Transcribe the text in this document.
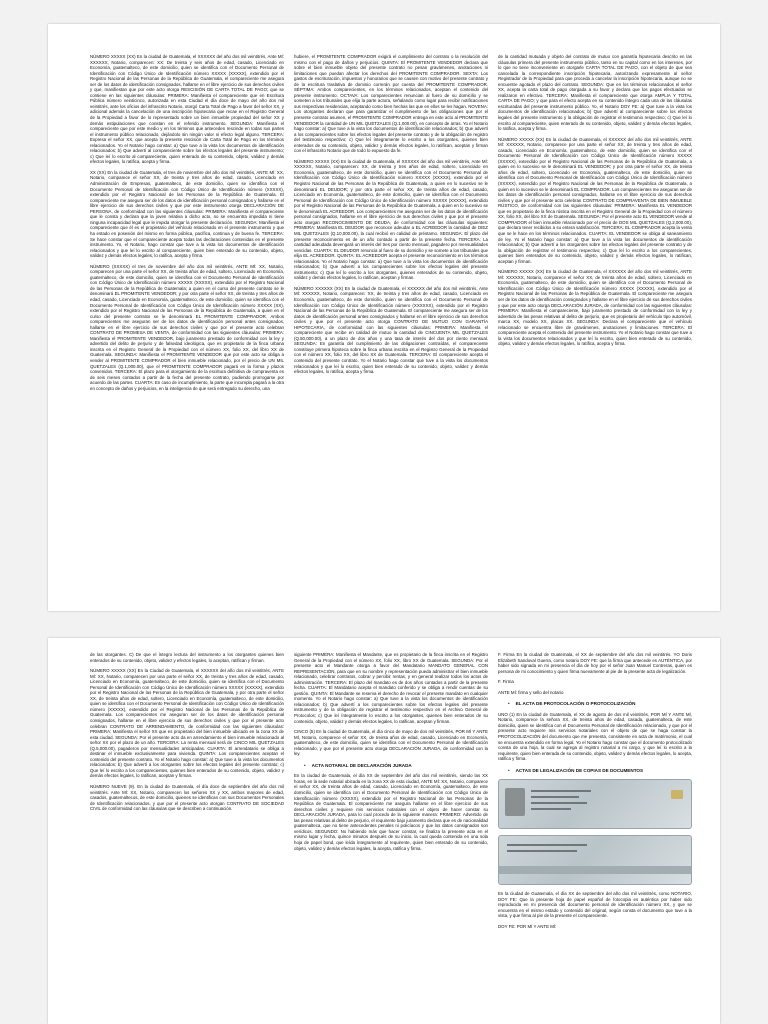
NÚMERO XXXXX (XX) En la ciudad de Guatemala, el XXXXXX del año dos mil veintitrés, Ante MÍ: XXXXXX, Notario, comparecen: XX: De treinta y seis años de edad, casado, Licenciado en Economía, guatemalteco, de este domicilio, quien se identifica con el Documento Personal de Identificación con Código Único de Identificación número XXXXX (XXXXX), extendido por el Registro Nacional de las Personas de la República de Guatemala, el compareciente me asegura ser de los datos de identificación consignados, hallarse en el libre ejercicio de sus derechos civiles y que, manifiestan que por este acto otorga RESCISIÓN DE CARTA TOTAL DE PAGO; que se contiene en las siguientes cláusulas: PRIMERA: Manifiesta el compareciente que en Escritura Pública número veinticinco, autorizada en esta Ciudad el día doce de mayo del año dos mil veintitrés, ante los oficios del infrascrito Notario, otorgó Carta Total de Pago a favor del señor XX, y adicional además la cancelación de una inscripción hipotecaria que recae en el Registro General de la Propiedad a favor de lo representado sobre un bien inmueble propiedad del señor XX y demás estipulaciones que constan en el referido instrumento. SEGUNDA: Manifiesta el compareciente que por este medio y en los términos que anteceden rescinde en todas sus partes el instrumento público relacionado, dejándolo sin ningún valor ni efecto legal alguno. TERCERA: Expresa el señor XX, que acepta la presente rescisión de Carta Total de Pago en los términos relacionados. Yo el Notario hago constar: a) Que tuve a la vista los documentos de identificación relacionados; b) Que advertí al compareciente sobre los efectos legales del presente instrumento; c) Que leí lo escrito al compareciente, quien enterado de su contenido, objeto, validez y demás efectos legales, lo ratifica, acepta y firma.

XX (XX) En la ciudad de Guatemala, el tres de noviembre del año dos mil veintitrés, ANTE MÍ: XX, Notario, comparece el señor XX, de treinta y tres años de edad, casado, Licenciado en Administración de Empresas, guatemalteco, de este domicilio, quien se identifica con el Documento Personal de Identificación con Código Único de Identificación número (XXXXX), extendido por el Registro Nacional de las Personas de la República de Guatemala. El compareciente me asegura ser de los datos de identificación personal consignados y hallarse en el libre ejercicio de sus derechos civiles y que por este instrumento otorga DECLARACIÓN DE PERSONA, de conformidad con las siguientes cláusulas: PRIMERA: Manifiesta el compareciente que le consta y declara que la joven relativa a dicho acto, no se encuentra impedida ni tiene ninguna incapacidad legal que le impida otorgar la presente declaración. SEGUNDA: Manifiesta el compareciente que él es el propietario del vehículo relacionado en el presente instrumento y que ha estado en posesión del mismo en forma pública, pacífica, continua y de buena fe. TERCERA: Se hace constar que el compareciente acepta todas las declaraciones contenidas en el presente instrumento. Yo, el Notario, hago constar que tuve a la vista los documentos de identificación relacionados y que leí lo escrito al compareciente, quien bien enterado de su contenido, objeto, validez y demás efectos legales, lo ratifica, acepta y firma.

NÚMERO (XXXXX) el tres de noviembre del año dos mil veintitrés, ANTE MÍ: XX, Notario, comparecen por una parte el señor XX, de treinta años de edad, soltero, Licenciado en Economía, guatemalteco, de este domicilio, quien se identifica con el Documento Personal de Identificación con Código Único de Identificación número XXXXX (XXXXX), extendido por el Registro Nacional de las Personas de la República de Guatemala; a quien en el curso del presente contrato se le denominará EL PROMITENTE VENDEDOR; y por otra parte el señor XX, de treinta y tres años de edad, casado, Licenciado en Economía, guatemalteco, de este domicilio, quien se identifica con el Documento Personal de Identificación con Código Único de Identificación número XXXXX (XX), extendido por el Registro Nacional de las Personas de la República de Guatemala, a quien en el curso del presente contrato se le denominará EL PROMITENTE COMPRADOR. Ambos comparecientes me aseguran ser de los datos de identificación personal antes consignados, hallarse en el libre ejercicio de sus derechos civiles y que por el presente acto celebran CONTRATO DE PROMESA DE VENTA, de conformidad con las siguientes cláusulas: PRIMERA: Manifiesta el PROMITENTE VENDEDOR, bajo juramento prestado de conformidad con la ley y advertido del delito de perjurio y de falsedad ideológica, que es propietario de la finca urbana inscrita en el Registro General de la Propiedad con el número XX, folio XX, del libro XX de Guatemala. SEGUNDA: Manifiesta el PROMITENTE VENDEDOR que por este acto se obliga a vender al PROMITENTE COMPRADOR el bien inmueble relacionado, por el precio de UN MIL QUETZALES (Q.1,000.00), que el PROMITENTE COMPRADOR pagará en la forma y plazos convenidos. TERCERA: El plazo para el otorgamiento de la escritura definitiva de compraventa es de seis meses contados a partir de la fecha del presente contrato, pudiendo prorrogarse por acuerdo de las partes. CUARTA: En caso de incumplimiento, la parte que incumpla pagará a la otra en concepto de daños y perjuicios, en la inteligencia de que será entregado su derecho, una

hubiere, el PROMITENTE COMPRADOR exigirá el cumplimiento del contrato o la resolución del mismo con el pago de daños y perjuicios. QUINTA: El PROMITENTE VENDEDOR declara que sobre el bien inmueble objeto del presente contrato no pesan gravámenes, anotaciones ni limitaciones que puedan afectar los derechos del PROMITENTE COMPRADOR. SEXTA: Los gastos de escrituración, impuestos y honorarios que se causen con motivo del presente contrato y de la escritura traslativa de dominio correrán por cuenta del PROMITENTE COMPRADOR. SÉPTIMA: Ambos comparecientes, en los términos relacionados, aceptan el contenido del presente instrumento. OCTAVA: Los comparecientes renuncian al fuero de su domicilio y se someten a los tribunales que elija la parte actora, señalando como lugar para recibir notificaciones sus respectivas residencias, aceptando como bien hechas las que en ellos se les hagan. NOVENA: Los otorgantes declaran que para garantizar el cumplimiento de las obligaciones que por el presente contrato asumen, el PROMITENTE COMPRADOR entrega en este acto al PROMITENTE VENDEDOR la cantidad de UN MIL QUETZALES (Q.1,000.00), en concepto de arras. Yo el Notario hago constar: a) Que tuve a la vista los documentos de identificación relacionados; b) Que advertí a los comparecientes sobre los efectos legales del presente contrato y de la obligación de registro del testimonio respectivo; c) Que leí íntegramente lo escrito a los otorgantes, quienes bien enterados de su contenido, objeto, validez y demás efectos legales, lo ratifican, aceptan y firman con el infrascrito Notario que de todo lo expuesto da fe.

NÚMERO XXXXX (XX) En la ciudad de Guatemala, el XXXXXX del año dos mil veintitrés, Ante MÍ: XXXXXX, Notario, comparecen: XX, de treinta y tres años de edad, soltero, Licenciado en Economía, guatemalteco, de este domicilio, quien se identifica con el Documento Personal de Identificación con Código Único de Identificación número XXXXX (XXXXX), extendido por el Registro Nacional de las Personas de la República de Guatemala, a quien en lo sucesivo se le denominará EL DEUDOR; y por otra parte el señor XX, de treinta años de edad, casado, Licenciado en Economía, guatemalteco, de este domicilio, quien se identifica con el Documento Personal de Identificación con Código Único de Identificación número XXXXX (XXXXX), extendido por el Registro Nacional de las Personas de la República de Guatemala, a quien en lo sucesivo se le denominará EL ACREEDOR. Los comparecientes me aseguran ser de los datos de identificación personal consignados, hallarse en el libre ejercicio de sus derechos civiles y que por el presente acto otorgan RECONOCIMIENTO DE DEUDA, de conformidad con las cláusulas siguientes: PRIMERA: Manifiesta EL DEUDOR que reconoce adeudar a EL ACREEDOR la cantidad de DIEZ MIL QUETZALES (Q.10,000.00), la cual recibió en calidad de préstamo. SEGUNDA: El plazo del presente reconocimiento es de un año contado a partir de la presente fecha. TERCERA: La cantidad adeudada devengará un interés del tres por ciento mensual, pagadero por mensualidades vencidas. CUARTA: EL DEUDOR renuncia al fuero de su domicilio y se somete a los tribunales que elija EL ACREEDOR. QUINTA: EL ACREEDOR acepta el presente reconocimiento en los términos relacionados. Yo el Notario hago constar: a) Que tuve a la vista los documentos de identificación relacionados; b) Que advertí a los comparecientes sobre los efectos legales del presente instrumento; c) Que leí lo escrito a los otorgantes, quienes enterados de su contenido, objeto, validez y demás efectos legales, lo ratifican, aceptan y firman.

NÚMERO XXXXXX (XX) En la ciudad de Guatemala, el XXXXXX del año dos mil veintitrés, Ante MÍ: XXXXXX, Notario, comparecen: XX, de treinta y tres años de edad, casado, Licenciado en Economía, guatemalteco, de este domicilio, quien se identifica con el Documento Personal de Identificación con Código Único de Identificación número (XXXXXX), extendido por el Registro Nacional de las Personas de la República de Guatemala. El compareciente me asegura ser de los datos de identificación personal antes consignados y hallarse en el libre ejercicio de sus derechos civiles y que por el presente acto otorga CONTRATO DE MUTUO CON GARANTÍA HIPOTECARIA, de conformidad con las siguientes cláusulas: PRIMERA: Manifiesta el compareciente que recibe en calidad de mutuo la cantidad de CINCUENTA MIL QUETZALES (Q.50,000.00), a un plazo de dos años y una tasa de interés del dos por ciento mensual. SEGUNDA: En garantía del cumplimiento de las obligaciones contraídas, el compareciente constituye primera hipoteca sobre la finca urbana inscrita en el Registro General de la Propiedad con el número XX, folio XX, del libro XX de Guatemala. TERCERA: El compareciente acepta el contenido del presente contrato. Yo el Notario hago constar que tuve a la vista los documentos relacionados y que leí lo escrito, quien bien enterado de su contenido, objeto, validez y demás efectos legales, lo ratifica, acepta y firma.

de la cantidad mutuada y objeto del contrato de mutuo con garantía hipotecaria descrito en las cláusulas primera del presente instrumento público, tanto en su capital como en los intereses, por lo que no tiene inconveniente en otorgarle CARTA TOTAL DE PAGO, con el objeto de que sea cancelada la correspondiente inscripción hipotecaria, autorizando expresamente al señor Registrador de la Propiedad para que proceda a cancelar la inscripción hipotecaria, aunque no se encuentre agotado el plazo del contrato. SEGUNDA: Que en los términos relacionados el señor XX, acepta la carta total de pago otorgada a su favor y declara que los pagos efectuados se realizaron en efectivo. TERCERA: Manifiesta el compareciente que otorga AMPLIA Y TOTAL CARTA DE PAGO; y que para el efecto acepta en su contenido íntegro cada una de las cláusulas escrituradas del presente instrumento público. Yo, el Notario DOY FE: a) Que tuve a la vista los documentos de identificación relacionados; b) Que advertí al compareciente sobre los efectos legales del presente instrumento y la obligación de registrar el testimonio respectivo; c) Que leí lo escrito al compareciente, quien enterado de su contenido, objeto, validez y demás efectos legales, lo ratifica, acepta y firma.

NÚMERO XXXXX (XX) En la ciudad de Guatemala, el XXXXXX del año dos mil veintitrés, ANTE MÍ: XXXXXX, Notario, comparece por una parte el señor XX, de treinta y tres años de edad, casado, Licenciado en Economía, guatemalteco, de este domicilio, quien se identifica con el Documento Personal de Identificación con Código Único de Identificación número XXXXX (XXXXX), extendido por el Registro Nacional de las Personas de la República de Guatemala, a quien en lo sucesivo se le denominará EL VENDEDOR; y por otra parte el señor XX, de treinta años de edad, soltero, Licenciado en Economía, guatemalteco, de este domicilio, quien se identifica con el Documento Personal de Identificación con Código Único de Identificación número (XXXXX), extendido por el Registro Nacional de las Personas de la República de Guatemala, a quien en lo sucesivo se le denominará EL COMPRADOR. Los comparecientes me aseguran ser de los datos de identificación personal consignados, hallarse en el libre ejercicio de sus derechos civiles y que por el presente acto celebran CONTRATO DE COMPRAVENTA DE BIEN INMUEBLE RÚSTICO, de conformidad con las siguientes cláusulas: PRIMERA: Manifiesta EL VENDEDOR que es propietario de la finca rústica inscrita en el Registro General de la Propiedad con el número XX, folio XX, del libro XX de Guatemala. SEGUNDA: Por el presente acto EL VENDEDOR vende al COMPRADOR el bien inmueble relacionado por el precio de DOS MIL QUETZALES (Q.2,000.00), que declara tener recibidos a su entera satisfacción. TERCERA: EL COMPRADOR acepta la venta que se le hace en los términos relacionados. CUARTA: EL VENDEDOR se obliga al saneamiento de ley. Yo el Notario hago constar: a) Que tuve a la vista los documentos de identificación relacionados; b) Que advertí a los otorgantes sobre los efectos legales del presente contrato y de la obligación de registrar el testimonio respectivo; c) Que leí lo escrito a los comparecientes, quienes bien enterados de su contenido, objeto, validez y demás efectos legales, lo ratifican, aceptan y firman.

NÚMERO XXXXX (XX) En la ciudad de Guatemala, el XXXXXX del año dos mil veintitrés, ANTE MÍ: XXXXXX, Notario, comparece el señor XX, de treinta años de edad, soltero, Licenciado en Economía, guatemalteco, de este domicilio, quien se identifica con el Documento Personal de Identificación con Código Único de Identificación número XXXXX (XXXXX), extendido por el Registro Nacional de las Personas de la República de Guatemala. El compareciente me asegura ser de los datos de identificación consignados y hallarse en el libre ejercicio de sus derechos civiles y que por este acto otorga DECLARACIÓN JURADA, de conformidad con las siguientes cláusulas: PRIMERA: Manifiesta el compareciente, bajo juramento prestado de conformidad con la ley y advertido de las penas relativas al delito de perjurio, que es propietario del vehículo tipo automóvil, marca XX, modelo XX, placas XX. SEGUNDA: Declara el compareciente que el vehículo relacionado se encuentra libre de gravámenes, anotaciones y limitaciones. TERCERA: El compareciente acepta el contenido del presente instrumento. Yo el Notario hago constar que tuve a la vista los documentos relacionados y que leí lo escrito, quien bien enterado de su contenido, objeto, validez y demás efectos legales, lo ratifica, acepta y firma.

de las otorgantes. C) De que el íntegro lectura del instrumento a los otorgantes quienes bien enterados de su contenido, objeto, validez y efectos legales, lo aceptan, ratifican y firman.

NÚMERO XXXXX (XX) En la Ciudad de Guatemala, el XXXXXX del año dos mil veintitrés, ANTE MÍ: XX, Notario, comparecen por una parte el señor XX, de treinta y tres años de edad, casado, Licenciado en Economía, guatemalteco, de este domicilio, quien se identifica con el Documento Personal de Identificación con Código Único de Identificación número XXXXX (XXXXX), extendido por el Registro Nacional de las Personas de la República de Guatemala, y por otra parte el señor XX, de treinta años de edad, soltero, Licenciado en Economía, guatemalteco, de este domicilio, quien se identifica con el Documento Personal de Identificación con Código Único de Identificación número (XXXXX), extendido por el Registro Nacional de las Personas de la República de Guatemala. Los comparecientes me aseguran ser de los datos de identificación personal consignados, hallarse en el libre ejercicio de sus derechos civiles y que por el presente acto celebran CONTRATO DE ARRENDAMIENTO, de conformidad con las siguientes cláusulas: PRIMERA: Manifiesta el señor XX que es propietario del bien inmueble ubicado en la zona XX de esta ciudad. SEGUNDA: Por el presente acto da en arrendamiento el bien inmueble relacionado al señor XX por el plazo de un año. TERCERA: La renta mensual será de CINCO MIL QUETZALES (Q.5,000.00), pagaderos por mensualidades anticipadas. CUARTA: El arrendatario se obliga a destinar el inmueble exclusivamente para vivienda. QUINTA: Los comparecientes aceptan el contenido del presente contrato. Yo el Notario hago constar: a) Que tuve a la vista los documentos relacionados; b) Que advertí a los otorgantes sobre los efectos legales del presente contrato; c) Que leí lo escrito a los comparecientes, quienes bien enterados de su contenido, objeto, validez y demás efectos legales, lo ratifican, aceptan y firman.

NÚMERO NUEVE (9). En la ciudad de Guatemala, el día doce de septiembre del año dos mil veintitrés. Ante MÍ: XX, Notario, comparecen los señores XX y XX, ambos mayores de edad, casados, guatemaltecos, de este domicilio, quienes se identifican con sus Documentos Personales de Identificación relacionados, y que por el presente acto otorgan CONTRATO DE SOCIEDAD CIVIL de conformidad con las cláusulas que se describen a continuación.

siguiente PRIMERA: Manifiesta el Mandante, que es propietario de la finca inscrita en el Registro General de la Propiedad con el número XX, folio XX, libro XX de Guatemala. SEGUNDA: Por el presente acto el Mandante otorga a favor del Mandatario MANDATO GENERAL CON REPRESENTACIÓN, para que en su nombre y representación pueda administrar el bien inmueble relacionado, celebrar contratos, cobrar y percibir rentas, y en general realizar todos los actos de administración. TERCERA: El plazo del mandato es de dos años contados a partir de la presente fecha. CUARTA: El Mandatario acepta el mandato conferido y se obliga a rendir cuentas de su gestión. QUINTA: El Mandante se reserva el derecho de revocar el presente mandato en cualquier momento. Yo el Notario hago constar: a) Que tuve a la vista los documentos de identificación relacionados; b) Que advertí a los comparecientes sobre los efectos legales del presente instrumento y de la obligación de registrar el testimonio respectivo en el Archivo General de Protocolos; c) Que leí íntegramente lo escrito a los otorgantes, quienes bien enterados de su contenido, objeto, validez y demás efectos legales, lo ratifican, aceptan y firman.

CINCO (5) En la ciudad de Guatemala, el día cinco de mayo de dos mil veintitrés, POR MÍ Y ANTE MÍ, Notario, comparece el señor XX, de treinta años de edad, casado, Licenciado en Economía, guatemalteco, de este domicilio, quien se identifica con el Documento Personal de Identificación relacionado, y que por el presente acto otorga DECLARACIÓN JURADA, de conformidad con la ley.

• ACTA NOTARIAL DE DECLARACIÓN JURADA

En la ciudad de Guatemala, el día XX de septiembre del año dos mil veintitrés, siendo las XX horas, en la sede notarial ubicada en la zona XX de esta ciudad, ANTE MÍ: XX, Notario, comparece el señor XX, de treinta años de edad, casado, Licenciado en Economía, guatemalteco, de este domicilio, quien se identifica con el Documento Personal de Identificación con Código Único de Identificación número (XXXXX), extendido por el Registro Nacional de las Personas de la República de Guatemala. El compareciente me asegura hallarse en el libre ejercicio de sus derechos civiles y requiere mis servicios notariales con el objeto de hacer constar su DECLARACIÓN JURADA, para lo cual procedo de la siguiente manera: PRIMERO: Advertido de las penas relativas al delito de perjurio, el requirente bajo juramento declara que es de nacionalidad guatemalteca, que no tiene antecedentes penales ni policíacos y que los datos consignados son verídicos. SEGUNDO: No habiendo más que hacer constar, se finaliza la presente acta en el mismo lugar y fecha, quince minutos después de su inicio, la cual queda contenida en una sola hoja de papel bond, que leída íntegramente al requirente, quien bien enterado de su contenido, objeto, validez y demás efectos legales, la acepta, ratifica y firma.

F. Firma En la ciudad de Guatemala, el XX de septiembre del año dos mil veintitrés. YO Doris Elizabeth Sandoval Guerra, como notario DOY FE: que la firma que antecede es AUTÉNTICA, por haber sido signada en mi presencia el día de hoy por el señor Juan Manuel Contreras, quien es persona de mi conocimiento y quien firma nuevamente al pie de la presente acta de legalización.

F. Firma

ANTE MÍ: firma y sello del notario

• EL ACTA DE PROTOCOLACIÓN O PROTOCOLIZACIÓN

UNO (1) En la ciudad de Guatemala, el XX de agosto de dos mil veintitrés, POR MÍ Y ANTE MÍ, Notario, comparece la señora XX, de treinta años de edad, casada, guatemalteca, de este domicilio, quien se identifica con el Documento Personal de Identificación relacionado, y que por el presente acto requiere mis servicios notariales con el objeto de que se haga constar la PROTOCOLIZACIÓN del documento que me presenta, consistente en acta de matrimonio, el cual se encuentra extendido en forma legal. Yo el Notario hago constar que el documento protocolizado consta de una hoja, la cual se agrega al registro notarial a mi cargo, y que leí lo escrito a la requirente, quien bien enterada de su contenido, objeto, validez y demás efectos legales, lo acepta, ratifica y firma.

• ACTAS DE LEGALIZACIÓN DE COPIAS DE DOCUMENTOS

En la ciudad de Guatemala, el día XX de septiembre del año dos mil veintitrés, como NOTARIO, DOY FE: Que la presente hoja de papel español de fotocopia es auténtica por haber sido reproducida en mi presencia del documento personal de identificación número XX, y que se encuentra en el mismo estado y contenido del original, según consta el documento que tuve a la vista, y que firma al pie de la presente el compareciente.

DOY FE: POR MÍ Y ANTE MÍ:
